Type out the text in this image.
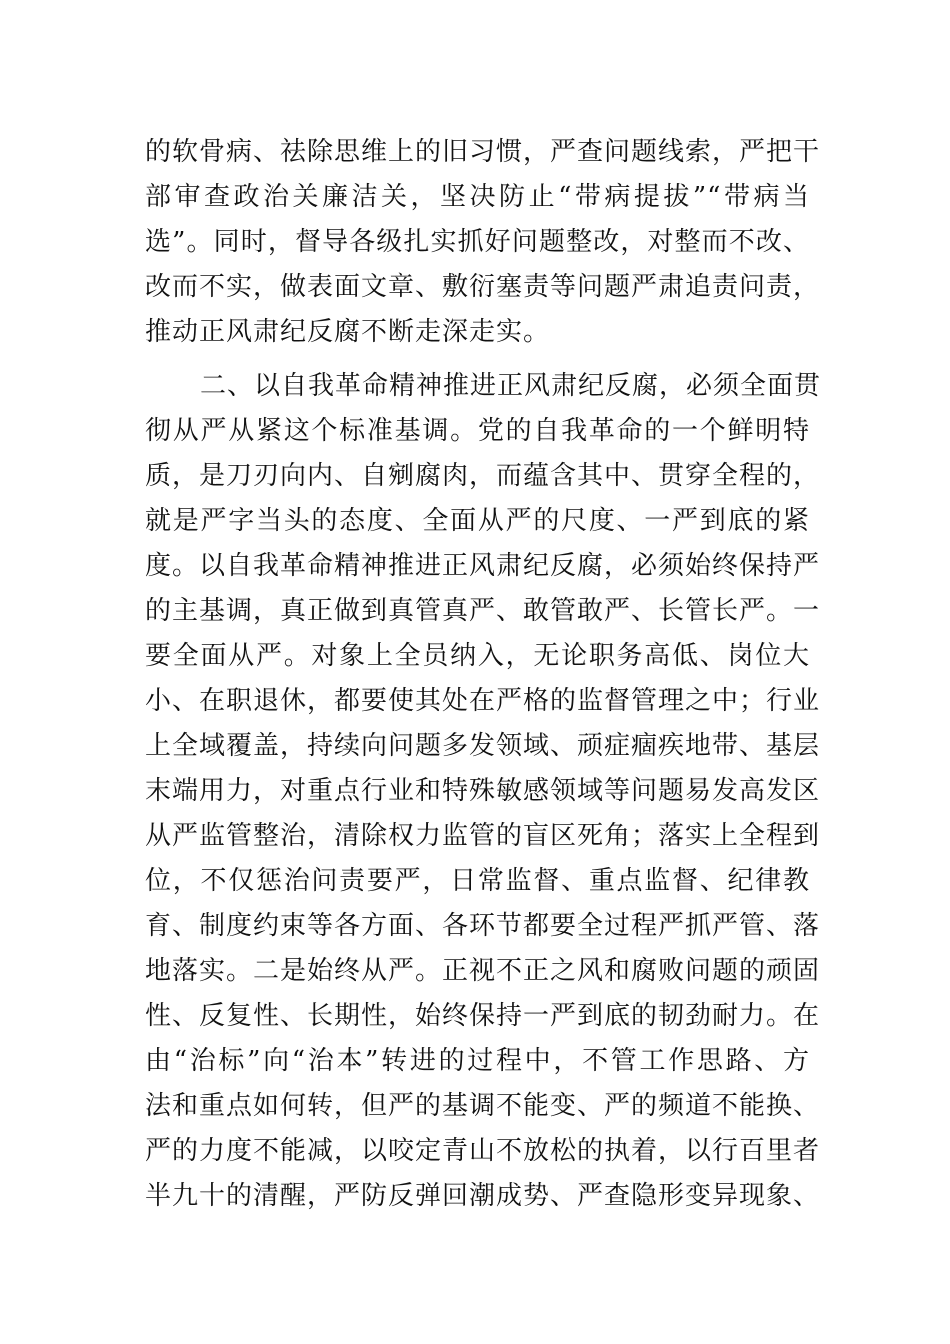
的软骨病、祛除思维上的旧习惯，严查问题线索，严把干
部审查政治关廉洁关，坚决防止“带病提拔”“带病当
选”。同时，督导各级扎实抓好问题整改，对整而不改、
改而不实，做表面文章、敷衍塞责等问题严肃追责问责，
推动正风肃纪反腐不断走深走实。
二、以自我革命精神推进正风肃纪反腐，必须全面贯
彻从严从紧这个标准基调。党的自我革命的一个鲜明特
质，是刀刃向内、自剜腐肉，而蕴含其中、贯穿全程的，
就是严字当头的态度、全面从严的尺度、一严到底的紧
度。以自我革命精神推进正风肃纪反腐，必须始终保持严
的主基调，真正做到真管真严、敢管敢严、长管长严。一
要全面从严。对象上全员纳入，无论职务高低、岗位大
小、在职退休，都要使其处在严格的监督管理之中；行业
上全域覆盖，持续向问题多发领域、顽症痼疾地带、基层
末端用力，对重点行业和特殊敏感领域等问题易发高发区
从严监管整治，清除权力监管的盲区死角；落实上全程到
位，不仅惩治问责要严，日常监督、重点监督、纪律教
育、制度约束等各方面、各环节都要全过程严抓严管、落
地落实。二是始终从严。正视不正之风和腐败问题的顽固
性、反复性、长期性，始终保持一严到底的韧劲耐力。在
由“治标”向“治本”转进的过程中，不管工作思路、方
法和重点如何转，但严的基调不能变、严的频道不能换、
严的力度不能减，以咬定青山不放松的执着，以行百里者
半九十的清醒，严防反弹回潮成势、严查隐形变异现象、
